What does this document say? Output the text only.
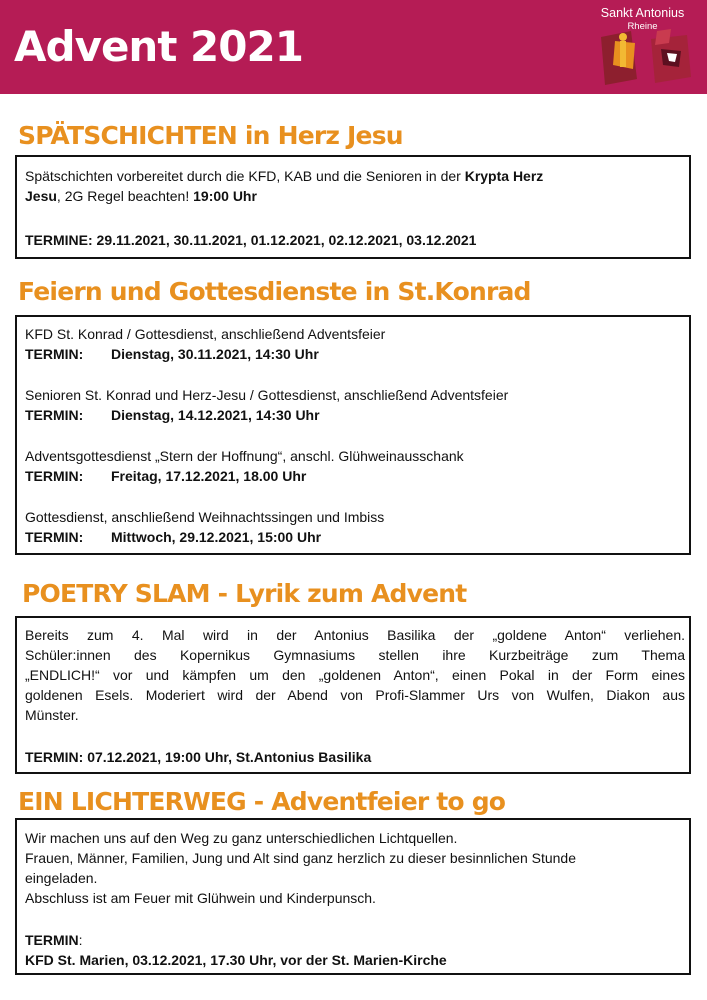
Advent 2021
Sankt Antonius
Rheine
SPÄTSCHICHTEN in Herz Jesu
Spätschichten vorbereitet durch die KFD, KAB und die Senioren in der Krypta Herz
Jesu, 2G Regel beachten! 19:00 Uhr
TERMINE: 29.11.2021, 30.11.2021, 01.12.2021, 02.12.2021, 03.12.2021
Feiern und Gottesdienste in St.Konrad
KFD St. Konrad / Gottesdienst, anschließend Adventsfeier
TERMIN: Dienstag, 30.11.2021, 14:30 Uhr
Senioren St. Konrad und Herz-Jesu / Gottesdienst, anschließend Adventsfeier
TERMIN: Dienstag, 14.12.2021, 14:30 Uhr
Adventsgottesdienst „Stern der Hoffnung“, anschl. Glühweinausschank
TERMIN: Freitag, 17.12.2021, 18.00 Uhr
Gottesdienst, anschließend Weihnachtssingen und Imbiss
TERMIN: Mittwoch, 29.12.2021, 15:00 Uhr
POETRY SLAM - Lyrik zum Advent
Bereits zum 4. Mal wird in der Antonius Basilika der „goldene Anton“ verliehen.
Schüler:innen des Kopernikus Gymnasiums stellen ihre Kurzbeiträge zum Thema
„ENDLICH!“ vor und kämpfen um den „goldenen Anton“, einen Pokal in der Form eines
goldenen Esels. Moderiert wird der Abend von Profi-Slammer Urs von Wulfen, Diakon aus
Münster.
TERMIN: 07.12.2021, 19:00 Uhr, St.Antonius Basilika
EIN LICHTERWEG - Adventfeier to go
Wir machen uns auf den Weg zu ganz unterschiedlichen Lichtquellen.
Frauen, Männer, Familien, Jung und Alt sind ganz herzlich zu dieser besinnlichen Stunde
eingeladen.
Abschluss ist am Feuer mit Glühwein und Kinderpunsch.
TERMIN:
KFD St. Marien, 03.12.2021, 17.30 Uhr, vor der St. Marien-Kirche
